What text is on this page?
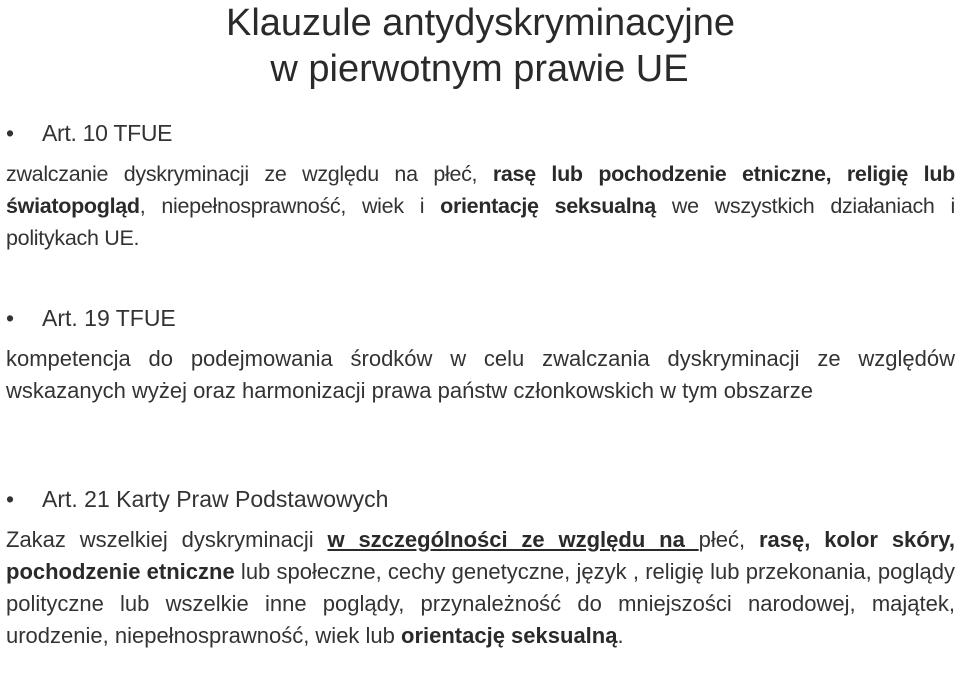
Klauzule antydyskryminacyjne
w pierwotnym prawie UE
•	Art. 10 TFUE

zwalczanie dyskryminacji ze względu na płeć, rasę lub pochodzenie etniczne, religię lub światopogląd, niepełnosprawność, wiek i orientację seksualną we wszystkich działaniach i politykach UE.

•	Art. 19 TFUE

kompetencja do podejmowania środków w celu zwalczania dyskryminacji ze względów wskazanych wyżej oraz harmonizacji prawa państw członkowskich w tym obszarze

•	Art. 21 Karty Praw Podstawowych

Zakaz wszelkiej dyskryminacji w szczególności ze względu na płeć, rasę, kolor skóry, pochodzenie etniczne lub społeczne, cechy genetyczne, język , religię lub przekonania, poglądy polityczne lub wszelkie inne poglądy, przynależność do mniejszości narodowej, majątek, urodzenie, niepełnosprawność, wiek lub orientację seksualną.
